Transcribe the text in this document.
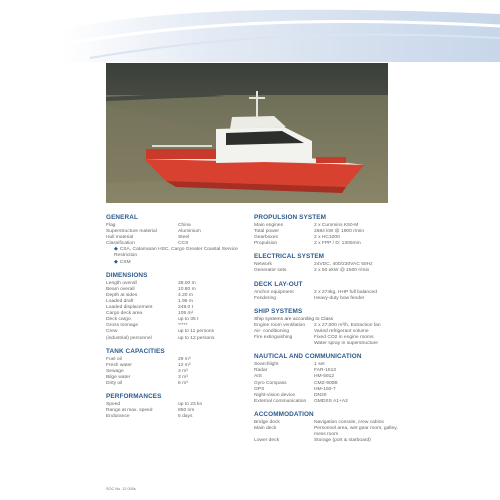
GENERAL
Flag	China
Superstructure material	Aluminium
Hull material	Steel
Classification	CCS
◆ CSA, Catamaran HSC, Cargo Greater Coastal Service Restriction
◆ CSM
DIMENSIONS
Length overall	38.00 m
Beam overall	10.80 m
Depth at sides	4.20 m
Loaded draft	1.95 m
Loaded displacement	248.0 t
Cargo deck area	105 m²
Deck cargo	up to 35 t
Gross tonnage	*****
Crew	up to 11 persons
(industrial) personnel	up to 12 persons
TANK CAPACITIES
Fuel oil	29 m³
Fresh water	12 m³
Sewage	3 m³
Bilge water	3 m³
Dirty oil	6 m³
PERFORMANCES
Speed	up to 23 kn
Range at max. speed	850 nm
Endurance	5 days
PROPULSION SYSTEM
Main engines	2 x Cummins K50-M
Total power	2684 kW @ 1900 r/min
Gearboxes	2 x HC1000
Propulsion	2 x FPP / D: 1300mm
ELECTRICAL SYSTEM
Network	24VDC, 400/230VAC 50Hz
Generator sets	2 x 50 ekW @ 1500 r/min
DECK LAY-OUT
Anchor equipment	2 x 274kg, HHP full balanced
Fendering	Heavy-duty bow fender
SHIP SYSTEMS
Ship systems are according to Class
Engine room ventilation	2 x 27,000 m³/h, Extraction fan
Air- conditioning	Varied refrigerant volume
Fire extinguishing	Fixed CO2 in engine rooms
Water spray in superstructure
NAUTICAL AND COMMUNICATION
Searchlight	1 set
Radar	FAR-1513
AIS	HM-5912
Gyro Compass	CMZ-900B
GPS	HM-150-7
Night-vision device	DN20
External communication	GMDSS A1+A2
ACCOMMODATION
Bridge deck	Navigation console, crew cabins
Main deck	Personnel area, wet gear room, galley, mess room
Lower deck	Storage (port & starboard)
SOC No. 12 000s
